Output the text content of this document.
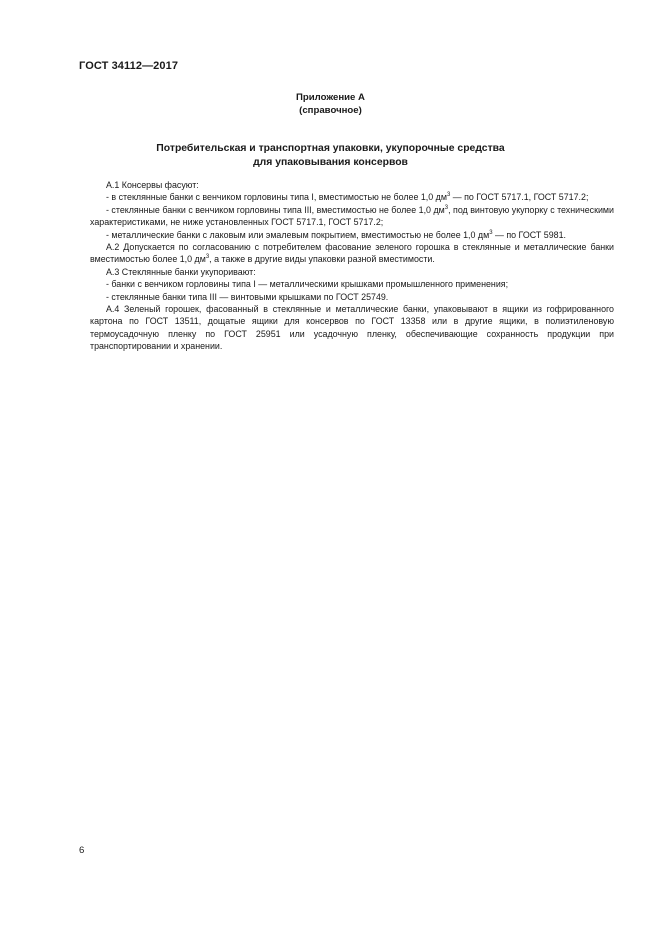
ГОСТ 34112—2017
Приложение А
(справочное)
Потребительская и транспортная упаковки, укупорочные средства
для упаковывания консервов

А.1 Консервы фасуют:

- в стеклянные банки с венчиком горловины типа I, вместимостью не более 1,0 $дм^3$ — по ГОСТ 5717.1, ГОСТ 5717.2;

- стеклянные банки с венчиком горловины типа III, вместимостью не более 1,0 $дм^3$, под винтовую укупорку с техническими характеристиками, не ниже установленных ГОСТ 5717.1, ГОСТ 5717.2;

- металлические банки с лаковым или эмалевым покрытием, вместимостью не более 1,0 $дм^3$ — по ГОСТ 5981.

А.2 Допускается по согласованию с потребителем фасование зеленого горошка в стеклянные и металлические банки вместимостью более 1,0 $дм^3$, а также в другие виды упаковки разной вместимости.

А.3 Стеклянные банки укупоривают:

- банки с венчиком горловины типа I — металлическими крышками промышленного применения;

- стеклянные банки типа III — винтовыми крышками по ГОСТ 25749.

А.4 Зеленый горошек, фасованный в стеклянные и металлические банки, упаковывают в ящики из гофрированного картона по ГОСТ 13511, дощатые ящики для консервов по ГОСТ 13358 или в другие ящики, в полиэтиленовую термоусадочную пленку по ГОСТ 25951 или усадочную пленку, обеспечивающие сохранность продукции при транспортировании и хранении.

6
